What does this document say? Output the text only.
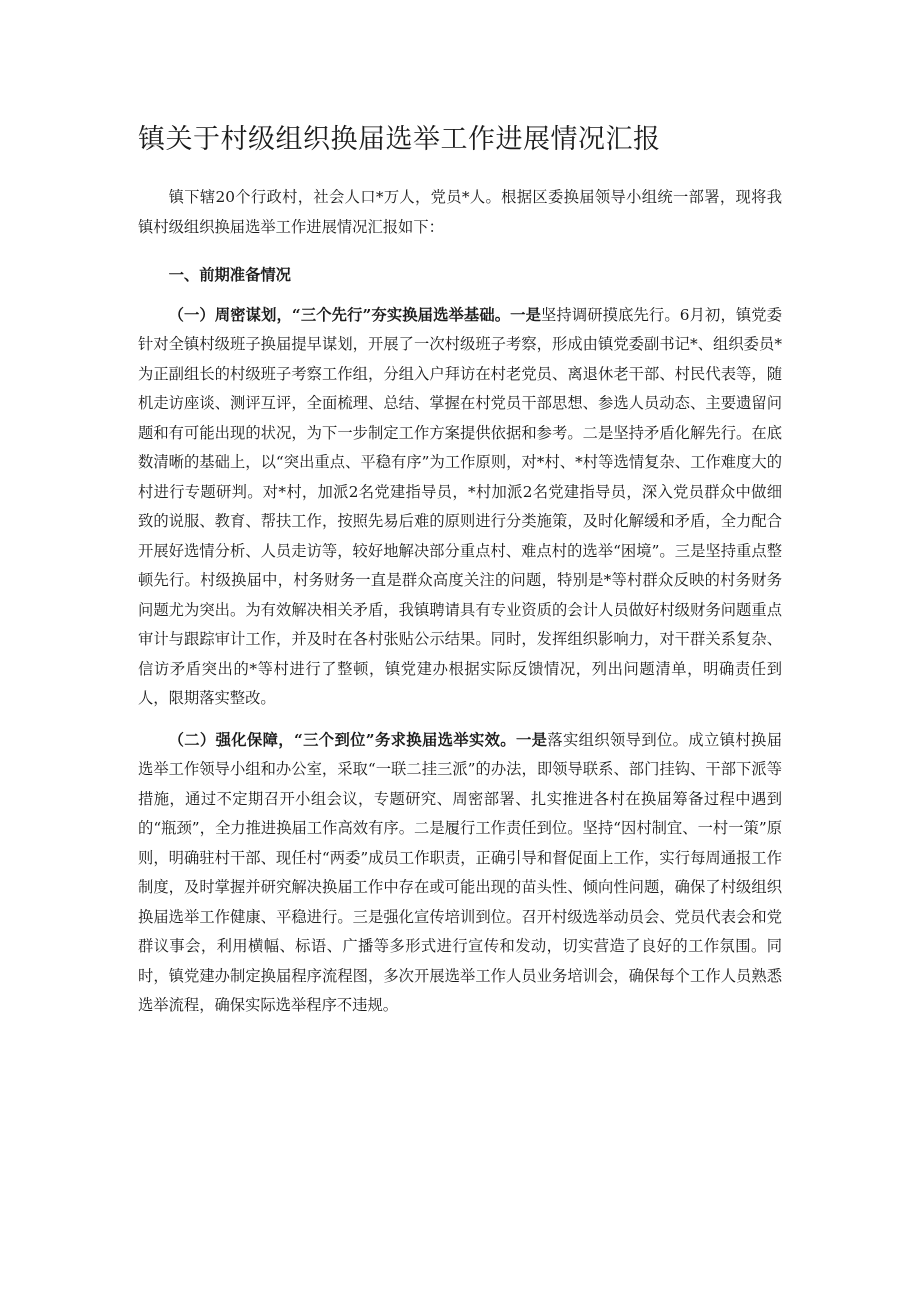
镇关于村级组织换届选举工作进展情况汇报

镇下辖20个行政村，社会人口*万人，党员*人。根据区委换届领导小组统一部署，现将我镇村级组织换届选举工作进展情况汇报如下：

一、前期准备情况

（一）周密谋划，“三个先行”夯实换届选举基础。一是坚持调研摸底先行。6月初，镇党委针对全镇村级班子换届提早谋划，开展了一次村级班子考察，形成由镇党委副书记*、组织委员*为正副组长的村级班子考察工作组，分组入户拜访在村老党员、离退休老干部、村民代表等，随机走访座谈、测评互评，全面梳理、总结、掌握在村党员干部思想、参选人员动态、主要遗留问题和有可能出现的状况，为下一步制定工作方案提供依据和参考。二是坚持矛盾化解先行。在底数清晰的基础上，以“突出重点、平稳有序”为工作原则，对*村、*村等选情复杂、工作难度大的村进行专题研判。对*村，加派2名党建指导员，*村加派2名党建指导员，深入党员群众中做细致的说服、教育、帮扶工作，按照先易后难的原则进行分类施策，及时化解缓和矛盾，全力配合开展好选情分析、人员走访等，较好地解决部分重点村、难点村的选举“困境”。三是坚持重点整顿先行。村级换届中，村务财务一直是群众高度关注的问题，特别是*等村群众反映的村务财务问题尤为突出。为有效解决相关矛盾，我镇聘请具有专业资质的会计人员做好村级财务问题重点审计与跟踪审计工作，并及时在各村张贴公示结果。同时，发挥组织影响力，对干群关系复杂、信访矛盾突出的*等村进行了整顿，镇党建办根据实际反馈情况，列出问题清单，明确责任到人，限期落实整改。

（二）强化保障，“三个到位”务求换届选举实效。一是落实组织领导到位。成立镇村换届选举工作领导小组和办公室，采取“一联二挂三派”的办法，即领导联系、部门挂钩、干部下派等措施，通过不定期召开小组会议，专题研究、周密部署、扎实推进各村在换届筹备过程中遇到的“瓶颈”，全力推进换届工作高效有序。二是履行工作责任到位。坚持“因村制宜、一村一策”原则，明确驻村干部、现任村“两委”成员工作职责，正确引导和督促面上工作，实行每周通报工作制度，及时掌握并研究解决换届工作中存在或可能出现的苗头性、倾向性问题，确保了村级组织换届选举工作健康、平稳进行。三是强化宣传培训到位。召开村级选举动员会、党员代表会和党群议事会，利用横幅、标语、广播等多形式进行宣传和发动，切实营造了良好的工作氛围。同时，镇党建办制定换届程序流程图，多次开展选举工作人员业务培训会，确保每个工作人员熟悉选举流程，确保实际选举程序不违规。
